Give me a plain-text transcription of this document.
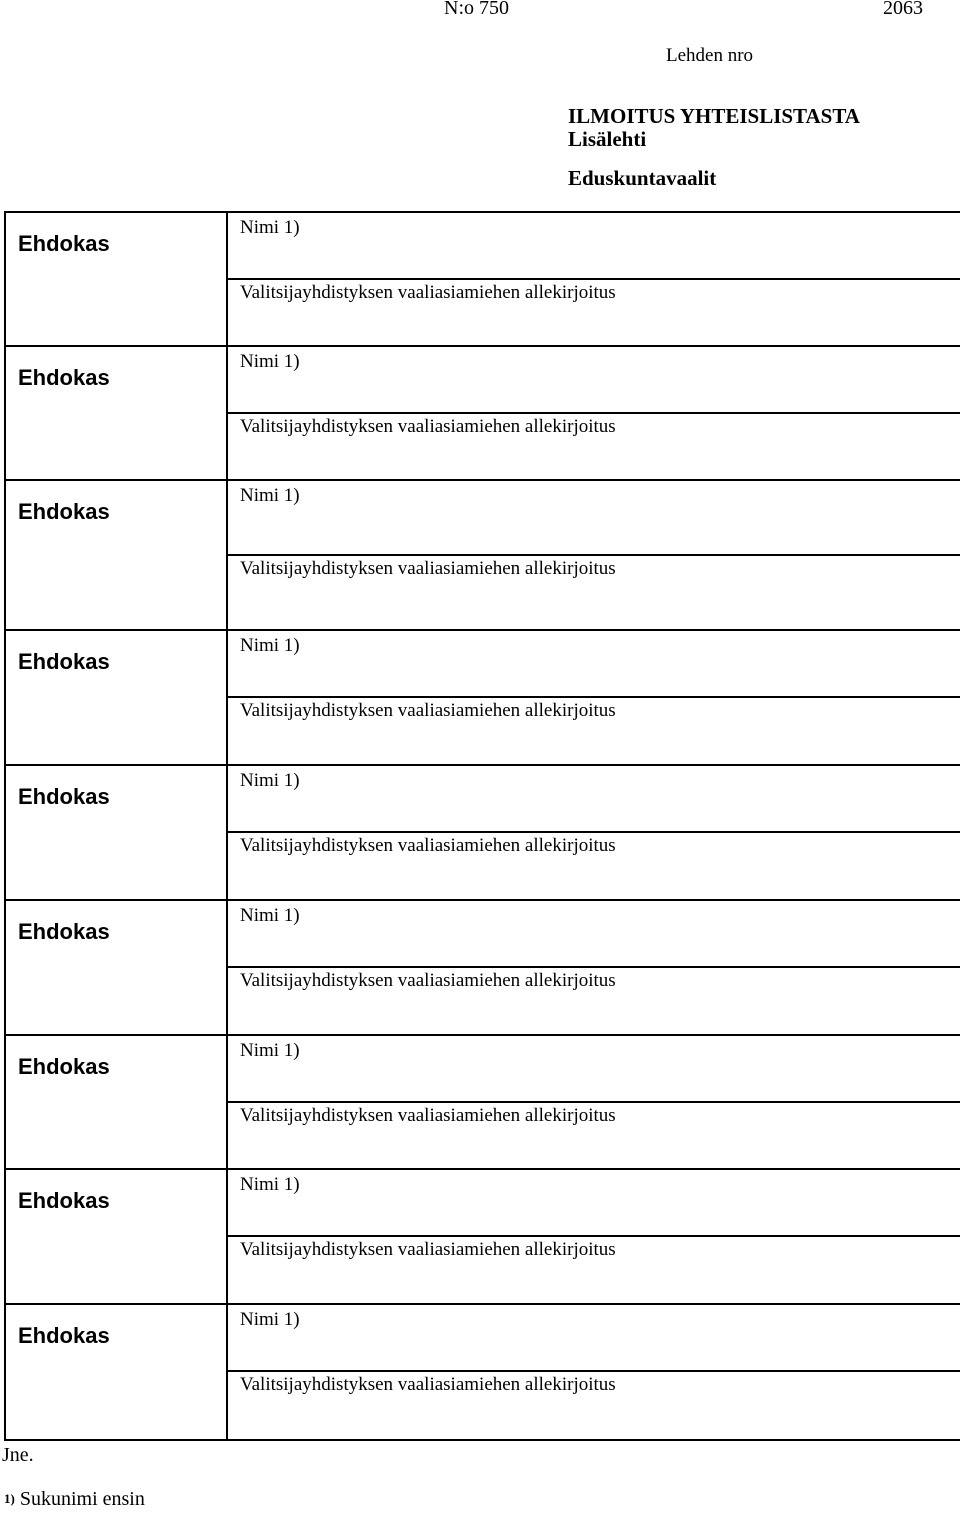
N:o 750	2063
Lehden nro
ILMOITUS YHTEISLISTASTA
Lisälehti
Eduskuntavaalit
Ehdokas
Nimi 1)
Valitsijayhdistyksen vaaliasiamiehen allekirjoitus
Ehdokas
Nimi 1)
Valitsijayhdistyksen vaaliasiamiehen allekirjoitus
Ehdokas
Nimi 1)
Valitsijayhdistyksen vaaliasiamiehen allekirjoitus
Ehdokas
Nimi 1)
Valitsijayhdistyksen vaaliasiamiehen allekirjoitus
Ehdokas
Nimi 1)
Valitsijayhdistyksen vaaliasiamiehen allekirjoitus
Ehdokas
Nimi 1)
Valitsijayhdistyksen vaaliasiamiehen allekirjoitus
Ehdokas
Nimi 1)
Valitsijayhdistyksen vaaliasiamiehen allekirjoitus
Ehdokas
Nimi 1)
Valitsijayhdistyksen vaaliasiamiehen allekirjoitus
Ehdokas
Nimi 1)
Valitsijayhdistyksen vaaliasiamiehen allekirjoitus
Jne.
$^{1)}$ Sukunimi ensin
